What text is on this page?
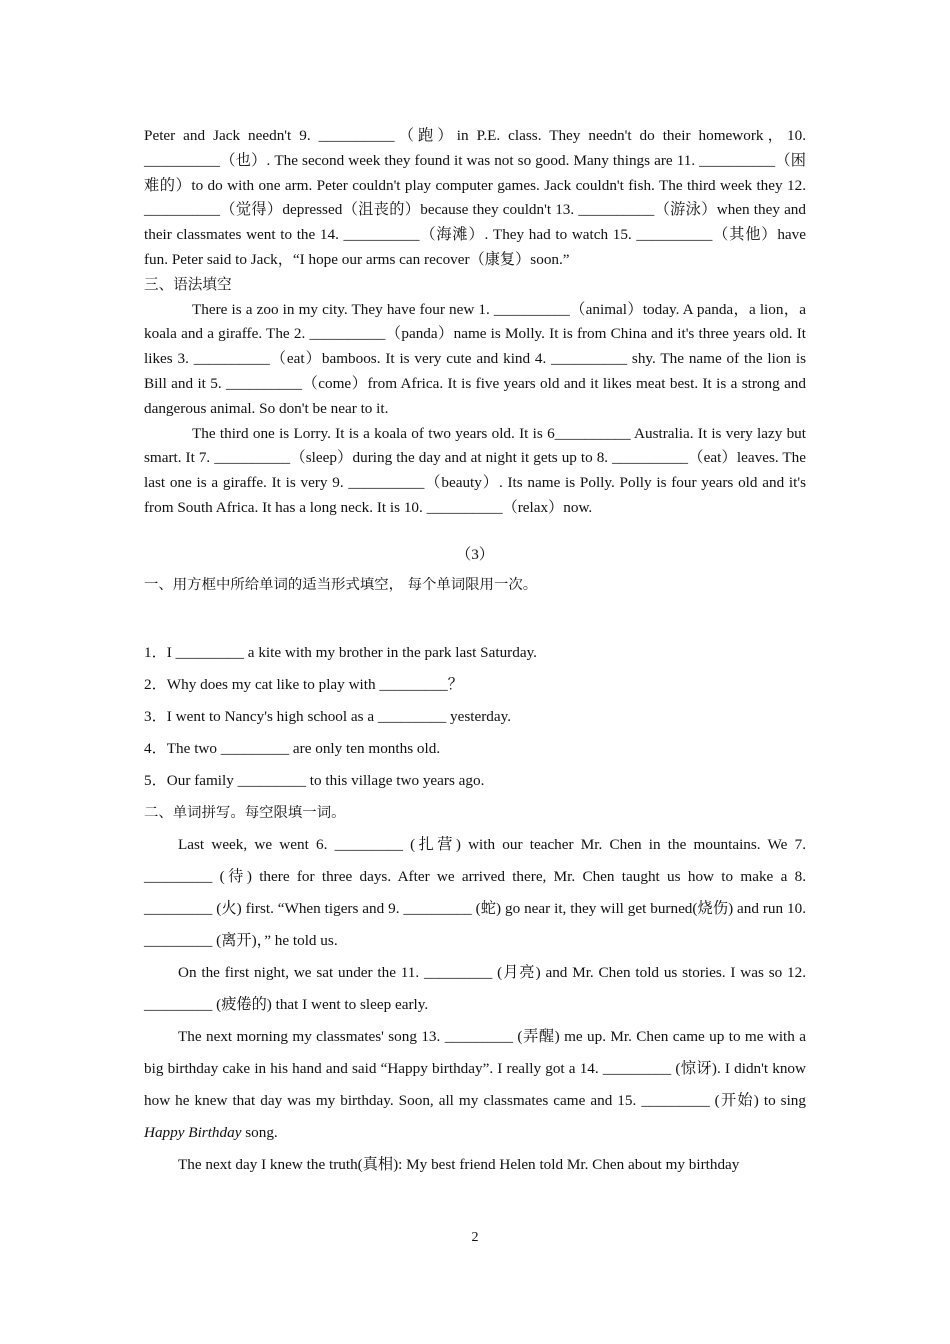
Peter and Jack needn't 9. __________（跑）in P.E. class. They needn't do their homework，10. __________（也）. The second week they found it was not so good. Many things are 11. __________（困难的）to do with one arm. Peter couldn't play computer games. Jack couldn't fish. The third week they 12. __________（觉得）depressed（沮丧的）because they couldn't 13. __________（游泳）when they and their classmates went to the 14. __________（海滩）. They had to watch 15. __________（其他）have fun. Peter said to Jack，“I hope our arms can recover（康复）soon.”

三、语法填空

There is a zoo in my city. They have four new 1. __________（animal）today. A panda，a lion，a koala and a giraffe. The 2. __________（panda）name is Molly. It is from China and it's three years old. It likes 3. __________（eat）bamboos. It is very cute and kind 4. __________ shy. The name of the lion is Bill and it 5. __________（come）from Africa. It is five years old and it likes meat best. It is a strong and dangerous animal. So don't be near to it.

The third one is Lorry. It is a koala of two years old. It is 6__________ Australia. It is very lazy but smart. It 7. __________（sleep）during the day and at night it gets up to 8. __________（eat）leaves. The last one is a giraffe. It is very 9. __________（beauty）. Its name is Polly. Polly is four years old and it's from South Africa. It has a long neck. It is 10. __________（relax）now.

（3）

一、用方框中所给单词的适当形式填空， 每个单词限用一次。

1．I _________ a kite with my brother in the park last Saturday.

2．Why does my cat like to play with _________？

3．I went to Nancy's high school as a _________ yesterday.

4．The two _________ are only ten months old.

5．Our family _________ to this village two years ago.

二、单词拼写。每空限填一词。

Last week, we went 6. _________ (扎营) with our teacher Mr. Chen in the mountains. We 7. _________ (待) there for three days. After we arrived there, Mr. Chen taught us how to make a 8. _________ (火) first. “When tigers and 9. _________ (蛇) go near it, they will get burned(烧伤) and run 10. _________ (离开)，” he told us.

On the first night, we sat under the 11. _________ (月亮) and Mr. Chen told us stories. I was so 12. _________ (疲倦的) that I went to sleep early.

The next morning my classmates' song 13. _________ (弄醒) me up. Mr. Chen came up to me with a big birthday cake in his hand and said “Happy birthday”. I really got a 14. _________ (惊讶). I didn't know how he knew that day was my birthday. Soon, all my classmates came and 15. _________ (开始) to sing Happy Birthday song.

The next day I knew the truth(真相): My best friend Helen told Mr. Chen about my birthday

2
